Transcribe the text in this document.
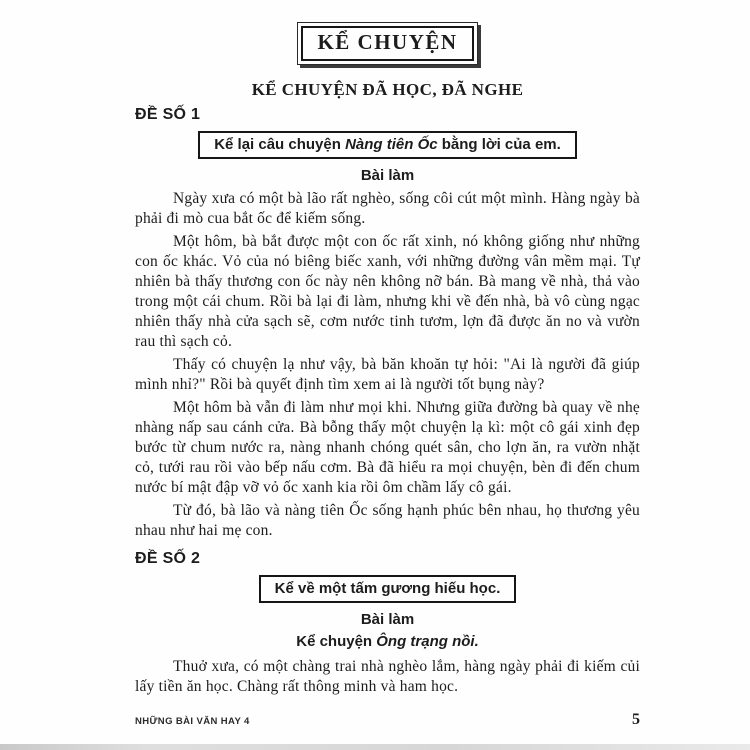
KỂ CHUYỆN
KỂ CHUYỆN ĐÃ HỌC, ĐÃ NGHE
ĐỀ SỐ 1
Kể lại câu chuyện Nàng tiên Ốc bằng lời của em.
Bài làm

Ngày xưa có một bà lão rất nghèo, sống côi cút một mình. Hàng ngày bà phải đi mò cua bắt ốc để kiếm sống.

Một hôm, bà bắt được một con ốc rất xinh, nó không giống như những con ốc khác. Vỏ của nó biêng biếc xanh, với những đường vân mềm mại. Tự nhiên bà thấy thương con ốc này nên không nỡ bán. Bà mang về nhà, thả vào trong một cái chum. Rồi bà lại đi làm, nhưng khi về đến nhà, bà vô cùng ngạc nhiên thấy nhà cửa sạch sẽ, cơm nước tinh tươm, lợn đã được ăn no và vườn rau thì sạch cỏ.

Thấy có chuyện lạ như vậy, bà băn khoăn tự hỏi: "Ai là người đã giúp mình nhỉ?" Rồi bà quyết định tìm xem ai là người tốt bụng này?

Một hôm bà vẫn đi làm như mọi khi. Nhưng giữa đường bà quay về nhẹ nhàng nấp sau cánh cửa. Bà bỗng thấy một chuyện lạ kì: một cô gái xinh đẹp bước từ chum nước ra, nàng nhanh chóng quét sân, cho lợn ăn, ra vườn nhặt cỏ, tưới rau rồi vào bếp nấu cơm. Bà đã hiểu ra mọi chuyện, bèn đi đến chum nước bí mật đập vỡ vỏ ốc xanh kia rồi ôm chầm lấy cô gái.

Từ đó, bà lão và nàng tiên Ốc sống hạnh phúc bên nhau, họ thương yêu nhau như hai mẹ con.

ĐỀ SỐ 2
Kể về một tấm gương hiếu học.
Bài làm
Kể chuyện Ông trạng nồi.

Thuở xưa, có một chàng trai nhà nghèo lắm, hàng ngày phải đi kiếm củi lấy tiền ăn học. Chàng rất thông minh và ham học.

NHỮNG BÀI VĂN HAY 4	5
